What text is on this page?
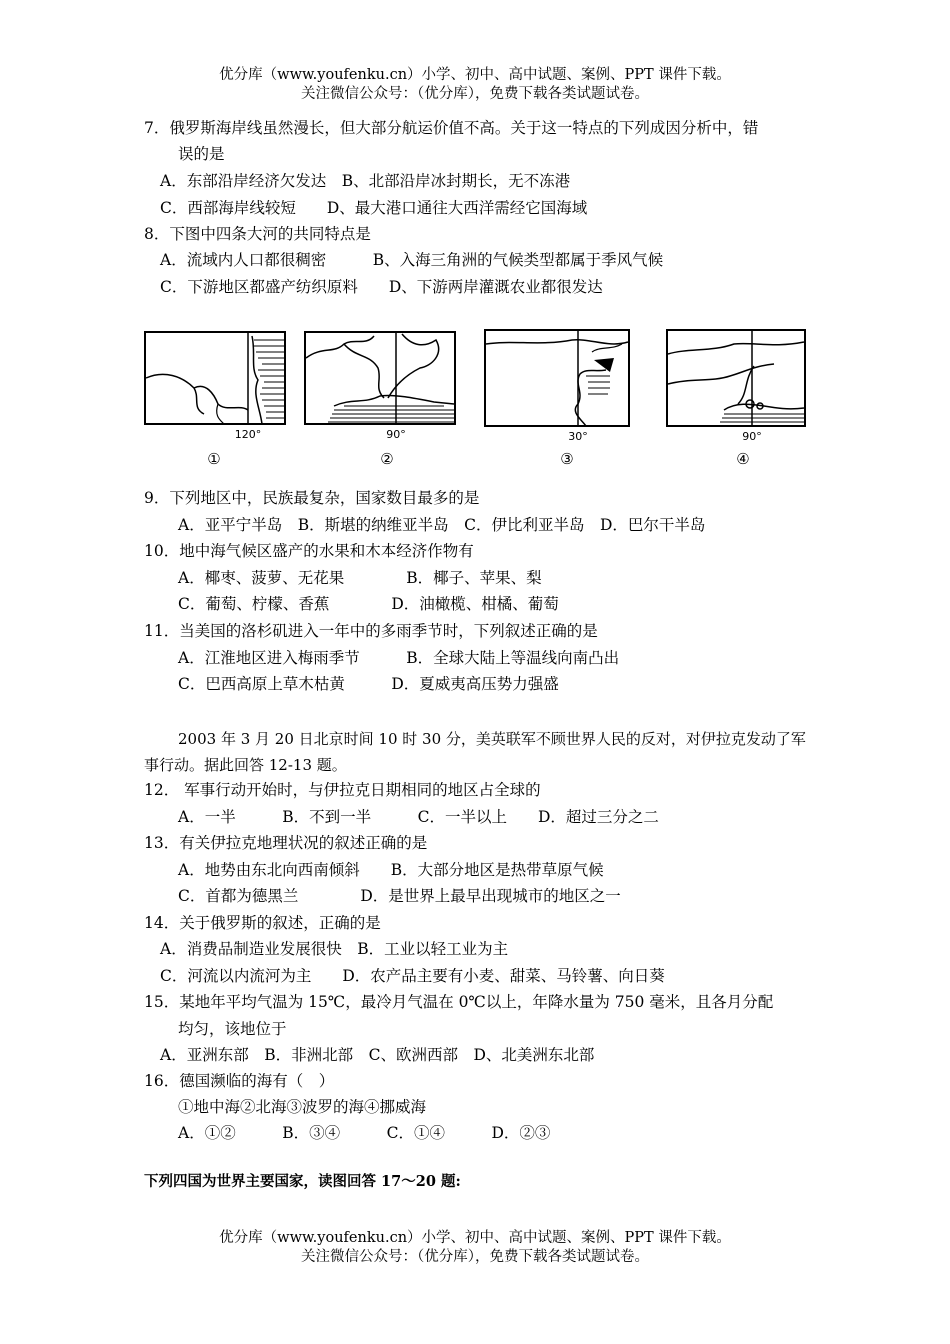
优分库（www.youfenku.cn）小学、初中、高中试题、案例、PPT 课件下载。
关注微信公众号：（优分库），免费下载各类试题试卷。
7．俄罗斯海岸线虽然漫长，但大部分航运价值不高。关于这一特点的下列成因分析中，错
误的是
A．东部沿岸经济欠发达　B、北部沿岸冰封期长，无不冻港
C．西部海岸线较短　　D、最大港口通往大西洋需经它国海域
8．下图中四条大河的共同特点是
A．流域内人口都很稠密　　　B、入海三角洲的气候类型都属于季风气候
C．下游地区都盛产纺织原料　　D、下游两岸灌溉农业都很发达
120°	90°	30°	90°
①	②	③	④
9．下列地区中，民族最复杂，国家数目最多的是
A．亚平宁半岛　B．斯堪的纳维亚半岛　C．伊比利亚半岛　D．巴尔干半岛
10．地中海气候区盛产的水果和木本经济作物有
A．椰枣、菠萝、无花果　　　　B．椰子、苹果、梨
C．葡萄、柠檬、香蕉　　　　D．油橄榄、柑橘、葡萄
11．当美国的洛杉矶进入一年中的多雨季节时，下列叙述正确的是
A．江淮地区进入梅雨季节　　　B．全球大陆上等温线向南凸出
C．巴西高原上草木枯黄　　　D．夏威夷高压势力强盛
2003 年 3 月 20 日北京时间 10 时 30 分，美英联军不顾世界人民的反对，对伊拉克发动了军事行动。据此回答 12-13 题。
12． 军事行动开始时，与伊拉克日期相同的地区占全球的
A．一半　　　B．不到一半　　　C．一半以上　　D．超过三分之二
13．有关伊拉克地理状况的叙述正确的是
A．地势由东北向西南倾斜　　B．大部分地区是热带草原气候
C．首都为德黑兰　　　　D．是世界上最早出现城市的地区之一
14．关于俄罗斯的叙述，正确的是
A．消费品制造业发展很快　B．工业以轻工业为主
C．河流以内流河为主　　D．农产品主要有小麦、甜菜、马铃薯、向日葵
15．某地年平均气温为 15℃，最冷月气温在 0℃以上，年降水量为 750 毫米，且各月分配
均匀，该地位于
A．亚洲东部　B．非洲北部　C、欧洲西部　D、北美洲东北部
16．德国濒临的海有（　）
①地中海②北海③波罗的海④挪威海
A．①②　　　B．③④　　　C．①④　　　D．②③
下列四国为世界主要国家，读图回答 17～20 题:
优分库（www.youfenku.cn）小学、初中、高中试题、案例、PPT 课件下载。
关注微信公众号：（优分库），免费下载各类试题试卷。
